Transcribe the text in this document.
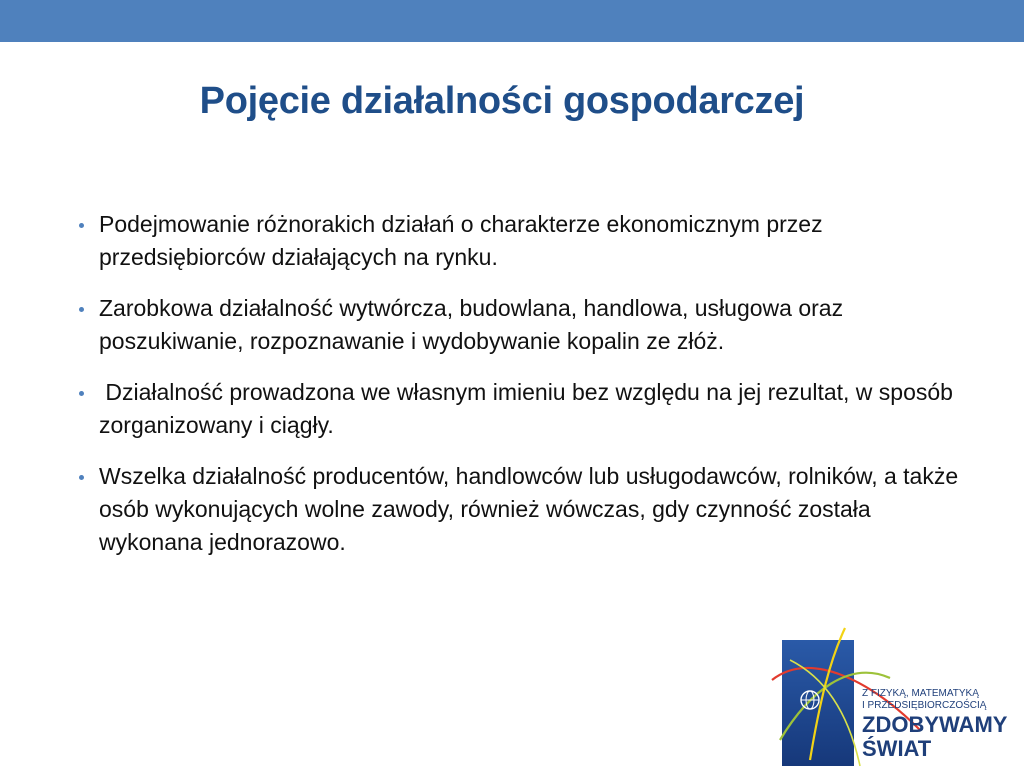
Pojęcie działalności gospodarczej
Podejmowanie różnorakich działań o charakterze ekonomicznym przez przedsiębiorców działających na rynku.
Zarobkowa działalność wytwórcza, budowlana, handlowa, usługowa oraz poszukiwanie, rozpoznawanie i wydobywanie kopalin ze złóż.
Działalność prowadzona we własnym imieniu bez względu na jej rezultat, w sposób zorganizowany i ciągły.
Wszelka działalność producentów, handlowców lub usługodawców, rolników, a także osób wykonujących wolne zawody, również wówczas, gdy czynność została wykonana jednorazowo.
Z FIZYKĄ, MATEMATYKĄ
I PRZEDSIĘBIORCZOŚCIĄ
ZDOBYWAMY
ŚWIAT
